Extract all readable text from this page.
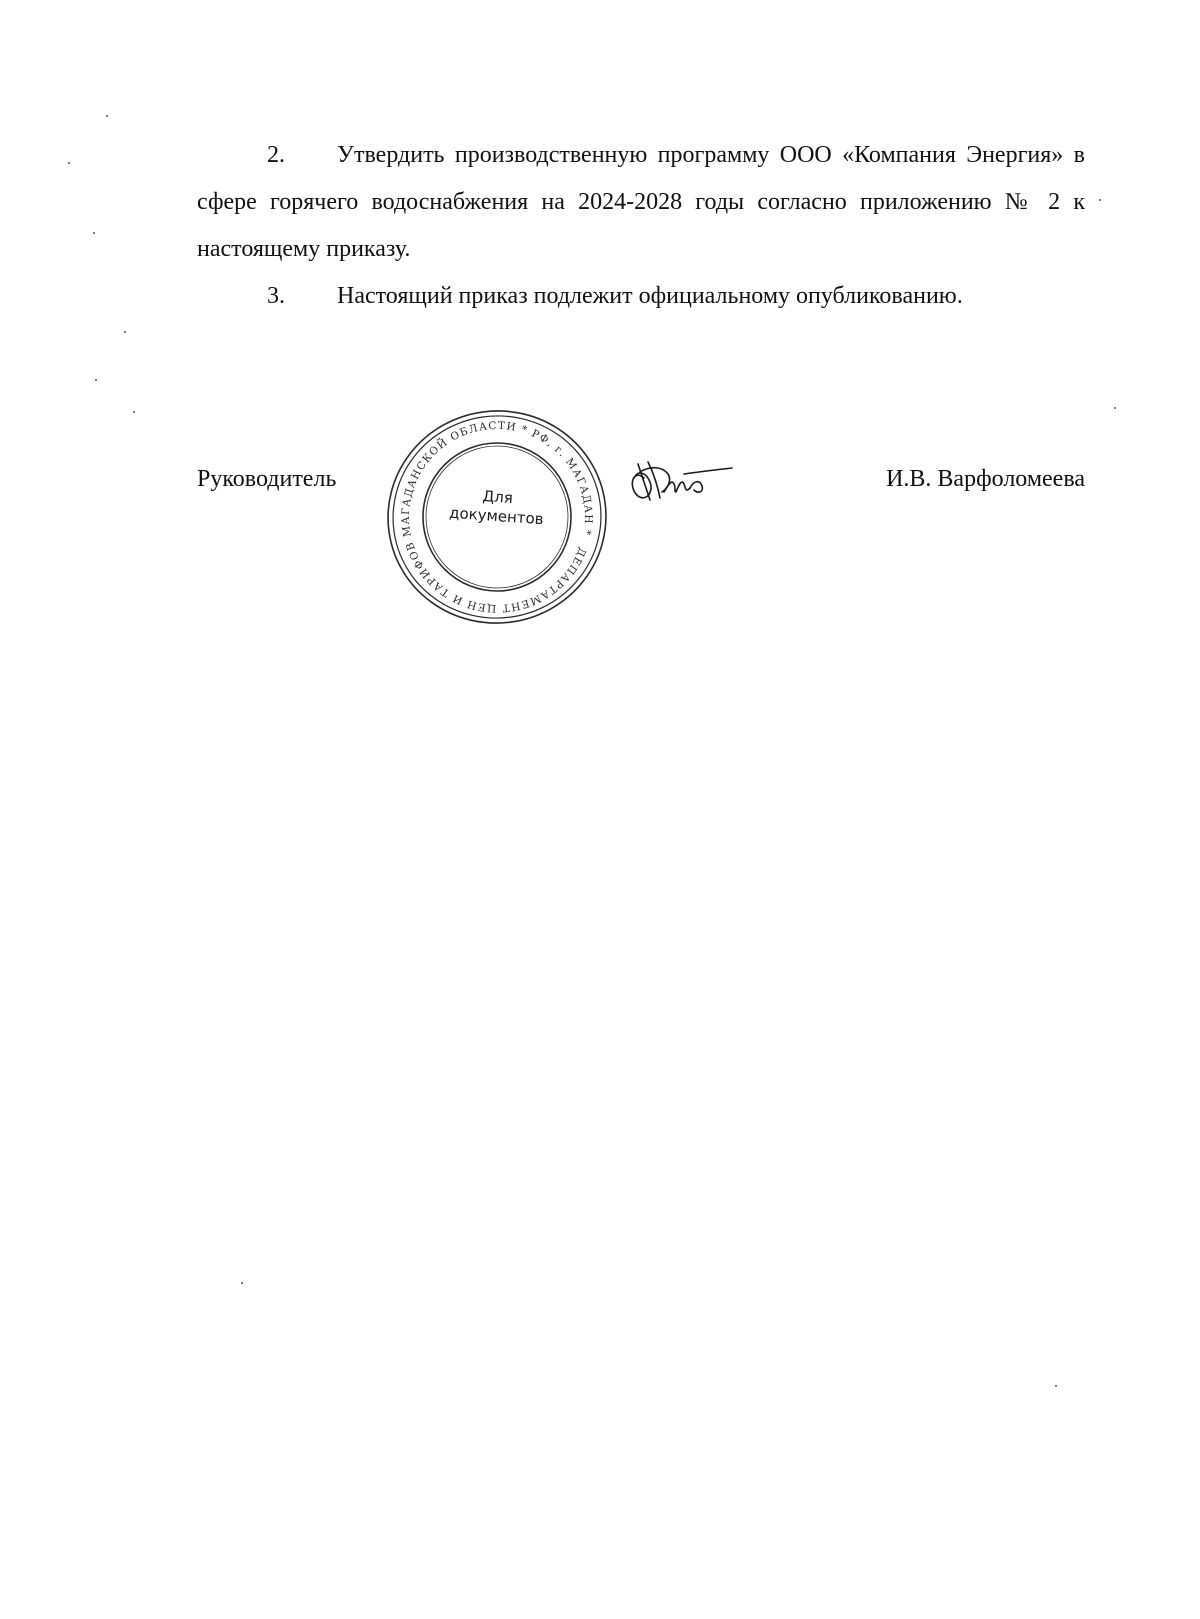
2. Утвердить производственную программу ООО «Компания Энергия» в сфере горячего водоснабжения на 2024-2028 годы согласно приложению № 2 к настоящему приказу.

3. Настоящий приказ подлежит официальному опубликованию.

Руководитель	И.В. Варфоломеева
ДЕПАРТАМЕНТ ЦЕН И ТАРИФОВ МАГАДАНСКОЙ ОБЛАСТИ * РФ, г. МАГАДАН *
Для
документов
